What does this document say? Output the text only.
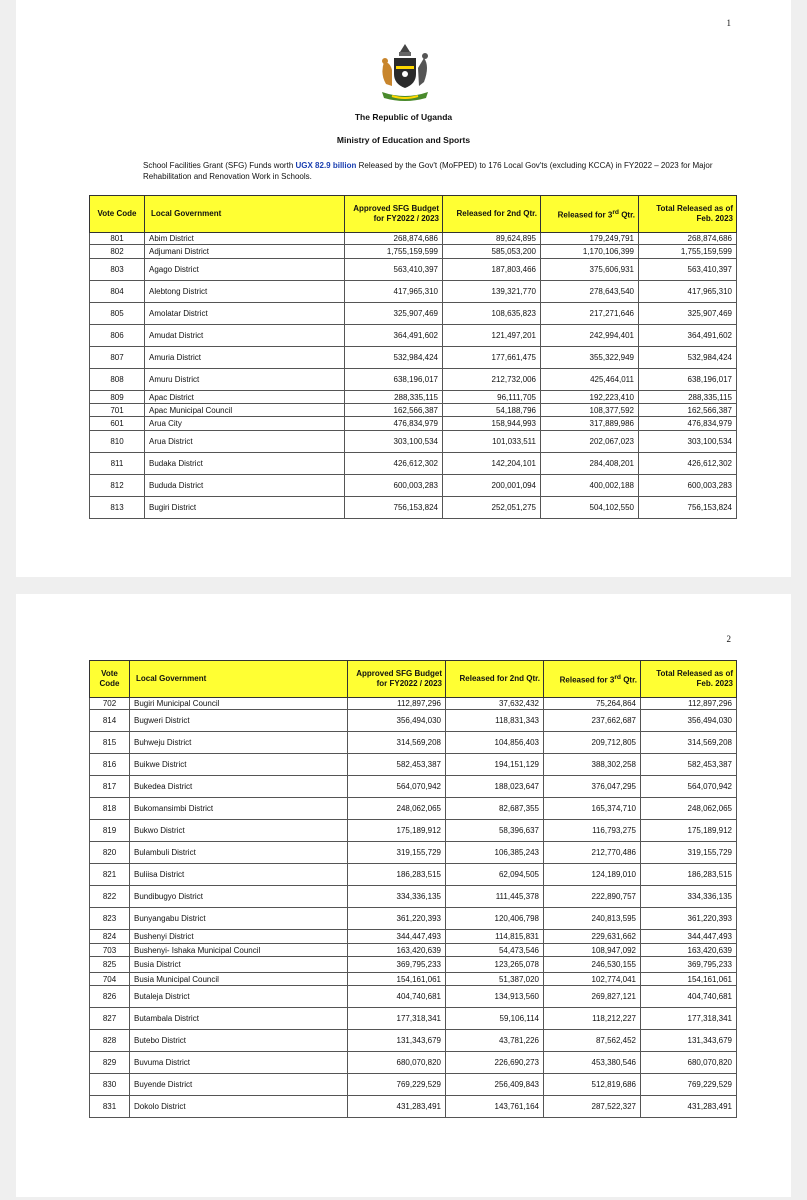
1
The Republic of Uganda
Ministry of Education and Sports
School Facilities Grant (SFG) Funds worth UGX 82.9 billion Released by the Gov't (MoFPED) to 176 Local Gov'ts (excluding KCCA) in FY2022 – 2023 for Major Rehabilitation and Renovation Work in Schools.
Vote Code	Local Government	Approved SFG Budget for FY2022 / 2023	Released for 2nd Qtr.	Released for 3rd Qtr.	Total Released as of Feb. 2023
801	Abim District	268,874,686	89,624,895	179,249,791	268,874,686
802	Adjumani District	1,755,159,599	585,053,200	1,170,106,399	1,755,159,599
803	Agago District	563,410,397	187,803,466	375,606,931	563,410,397
804	Alebtong District	417,965,310	139,321,770	278,643,540	417,965,310
805	Amolatar District	325,907,469	108,635,823	217,271,646	325,907,469
806	Amudat District	364,491,602	121,497,201	242,994,401	364,491,602
807	Amuria District	532,984,424	177,661,475	355,322,949	532,984,424
808	Amuru District	638,196,017	212,732,006	425,464,011	638,196,017
809	Apac District	288,335,115	96,111,705	192,223,410	288,335,115
701	Apac Municipal Council	162,566,387	54,188,796	108,377,592	162,566,387
601	Arua City	476,834,979	158,944,993	317,889,986	476,834,979
810	Arua District	303,100,534	101,033,511	202,067,023	303,100,534
811	Budaka District	426,612,302	142,204,101	284,408,201	426,612,302
812	Bududa District	600,003,283	200,001,094	400,002,188	600,003,283
813	Bugiri District	756,153,824	252,051,275	504,102,550	756,153,824
2
Vote Code	Local Government	Approved SFG Budget for FY2022 / 2023	Released for 2nd Qtr.	Released for 3rd Qtr.	Total Released as of Feb. 2023
702	Bugiri Municipal Council	112,897,296	37,632,432	75,264,864	112,897,296
814	Bugweri District	356,494,030	118,831,343	237,662,687	356,494,030
815	Buhweju District	314,569,208	104,856,403	209,712,805	314,569,208
816	Buikwe District	582,453,387	194,151,129	388,302,258	582,453,387
817	Bukedea District	564,070,942	188,023,647	376,047,295	564,070,942
818	Bukomansimbi District	248,062,065	82,687,355	165,374,710	248,062,065
819	Bukwo District	175,189,912	58,396,637	116,793,275	175,189,912
820	Bulambuli District	319,155,729	106,385,243	212,770,486	319,155,729
821	Buliisa District	186,283,515	62,094,505	124,189,010	186,283,515
822	Bundibugyo District	334,336,135	111,445,378	222,890,757	334,336,135
823	Bunyangabu District	361,220,393	120,406,798	240,813,595	361,220,393
824	Bushenyi District	344,447,493	114,815,831	229,631,662	344,447,493
703	Bushenyi- Ishaka Municipal Council	163,420,639	54,473,546	108,947,092	163,420,639
825	Busia District	369,795,233	123,265,078	246,530,155	369,795,233
704	Busia Municipal Council	154,161,061	51,387,020	102,774,041	154,161,061
826	Butaleja District	404,740,681	134,913,560	269,827,121	404,740,681
827	Butambala District	177,318,341	59,106,114	118,212,227	177,318,341
828	Butebo District	131,343,679	43,781,226	87,562,452	131,343,679
829	Buvuma District	680,070,820	226,690,273	453,380,546	680,070,820
830	Buyende District	769,229,529	256,409,843	512,819,686	769,229,529
831	Dokolo District	431,283,491	143,761,164	287,522,327	431,283,491
